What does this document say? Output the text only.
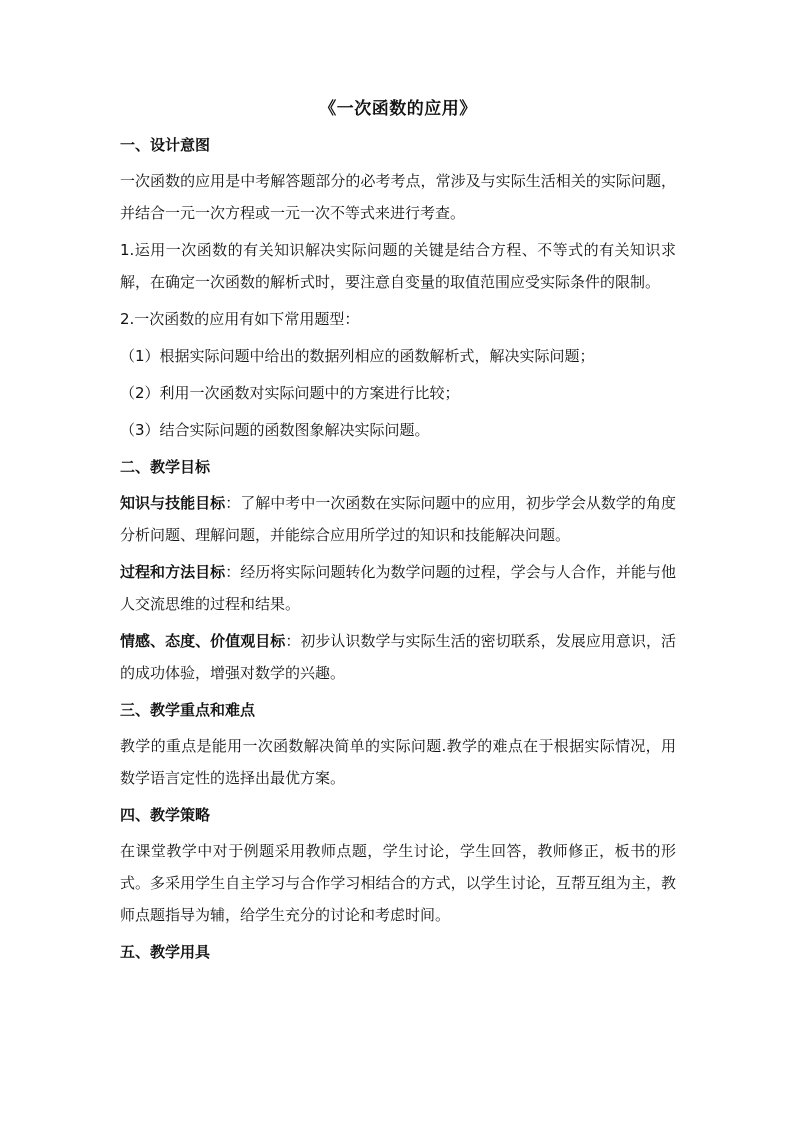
《一次函数的应用》
一、设计意图

一次函数的应用是中考解答题部分的必考考点，常涉及与实际生活相关的实际问题，并结合一元一次方程或一元一次不等式来进行考查。

1.运用一次函数的有关知识解决实际问题的关键是结合方程、不等式的有关知识求解，在确定一次函数的解析式时，要注意自变量的取值范围应受实际条件的限制。

2.一次函数的应用有如下常用题型：

（1）根据实际问题中给出的数据列相应的函数解析式，解决实际问题；

（2）利用一次函数对实际问题中的方案进行比较；

（3）结合实际问题的函数图象解决实际问题。

二、教学目标

知识与技能目标：了解中考中一次函数在实际问题中的应用，初步学会从数学的角度分析问题、理解问题，并能综合应用所学过的知识和技能解决问题。

过程和方法目标：经历将实际问题转化为数学问题的过程，学会与人合作，并能与他人交流思维的过程和结果。

情感、态度、价值观目标：初步认识数学与实际生活的密切联系，发展应用意识，活的成功体验，增强对数学的兴趣。

三、教学重点和难点

教学的重点是能用一次函数解决简单的实际问题.教学的难点在于根据实际情况，用数学语言定性的选择出最优方案。

四、教学策略

在课堂教学中对于例题采用教师点题，学生讨论，学生回答，教师修正，板书的形式。多采用学生自主学习与合作学习相结合的方式，以学生讨论，互帮互组为主，教师点题指导为辅，给学生充分的讨论和考虑时间。

五、教学用具
